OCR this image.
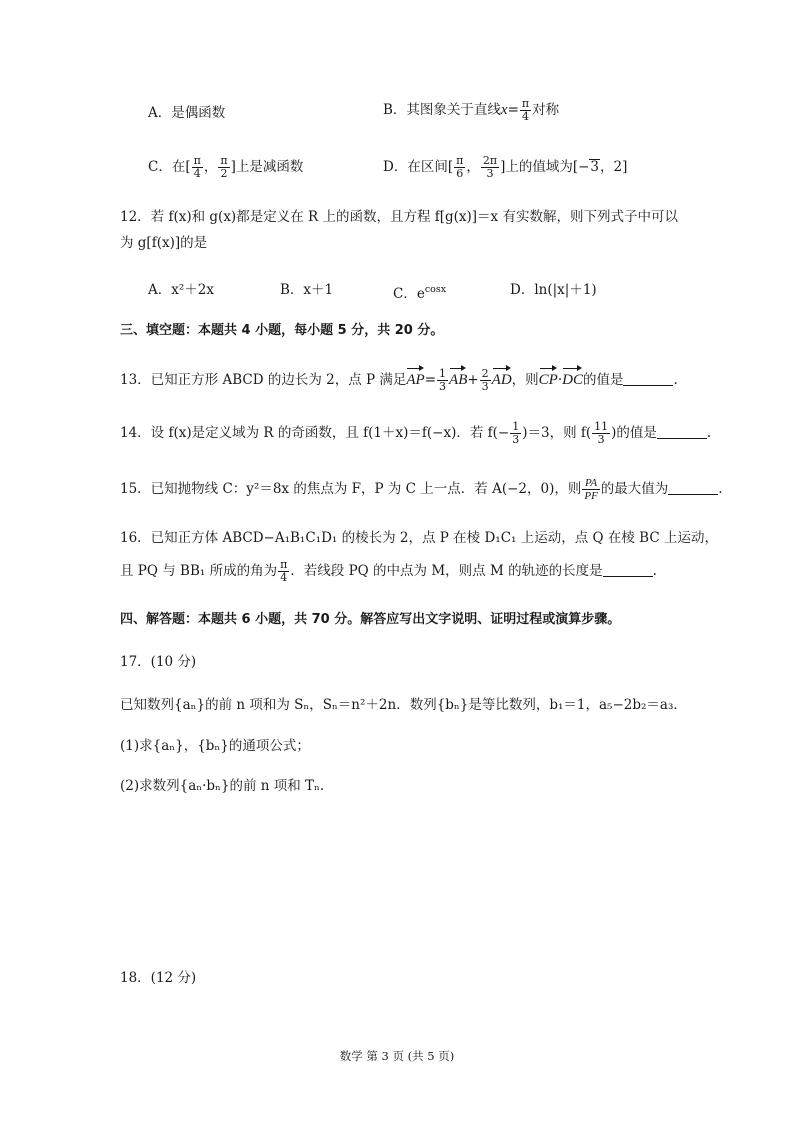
A．是偶函数	B．其图象关于直线$x= \frac{\pi}{4}$ 对称
C．在[ $\frac{\pi}{4}$ ， $\frac{\pi}{2}$ ]上是减函数	D．在区间[ $\frac{\pi}{6}$ ， $\frac{2\pi}{3}$ ]上的值域为[−3，2]
12．若 f(x)和 g(x)都是定义在 R 上的函数，且方程 f[g(x)]＝x 有实数解，则下列式子中可以
为 g[f(x)]的是
A．x²＋2x	B．x＋1	C．$e^{cosx}$	D．ln(|x|＋1)
三、填空题：本题共 4 小题，每小题 5 分，共 20 分。
13．已知正方形 ABCD 的边长为 2，点 P 满足$AP= \frac{1}{3} AB+ \frac{2}{3}$ AD，则CP·DC的值是	.
14．设 f(x)是定义域为 R 的奇函数，且 f(1＋x)＝f(−x)．若 $f(- \frac{1}{3} )=3$，则 $f( \frac{11}{3}$ )的值是	.
15．已知抛物线 C：y²＝8x 的焦点为 F，P 为 C 上一点．若 A(−2，0)，则 $\frac{PA}{PF}$ 的最大值为	.
16．已知正方体 ABCD−A₁B₁C₁D₁ 的棱长为 2，点 P 在棱 D₁C₁ 上运动，点 Q 在棱 BC 上运动，
且 PQ 与 BB₁ 所成的角为 $\frac{\pi}{4}$ ．若线段 PQ 的中点为 M，则点 M 的轨迹的长度是	.
四、解答题：本题共 6 小题，共 70 分。解答应写出文字说明、证明过程或演算步骤。
17．(10 分)
已知数列{aₙ}的前 n 项和为 Sₙ，Sₙ＝n²＋2n．数列{bₙ}是等比数列，b₁＝1，a₅−2b₂＝a₃．
(1)求{aₙ}，{bₙ}的通项公式；
(2)求数列{aₙ·bₙ}的前 n 项和 Tₙ.
18．(12 分)
数学 第 3 页 (共 5 页)
